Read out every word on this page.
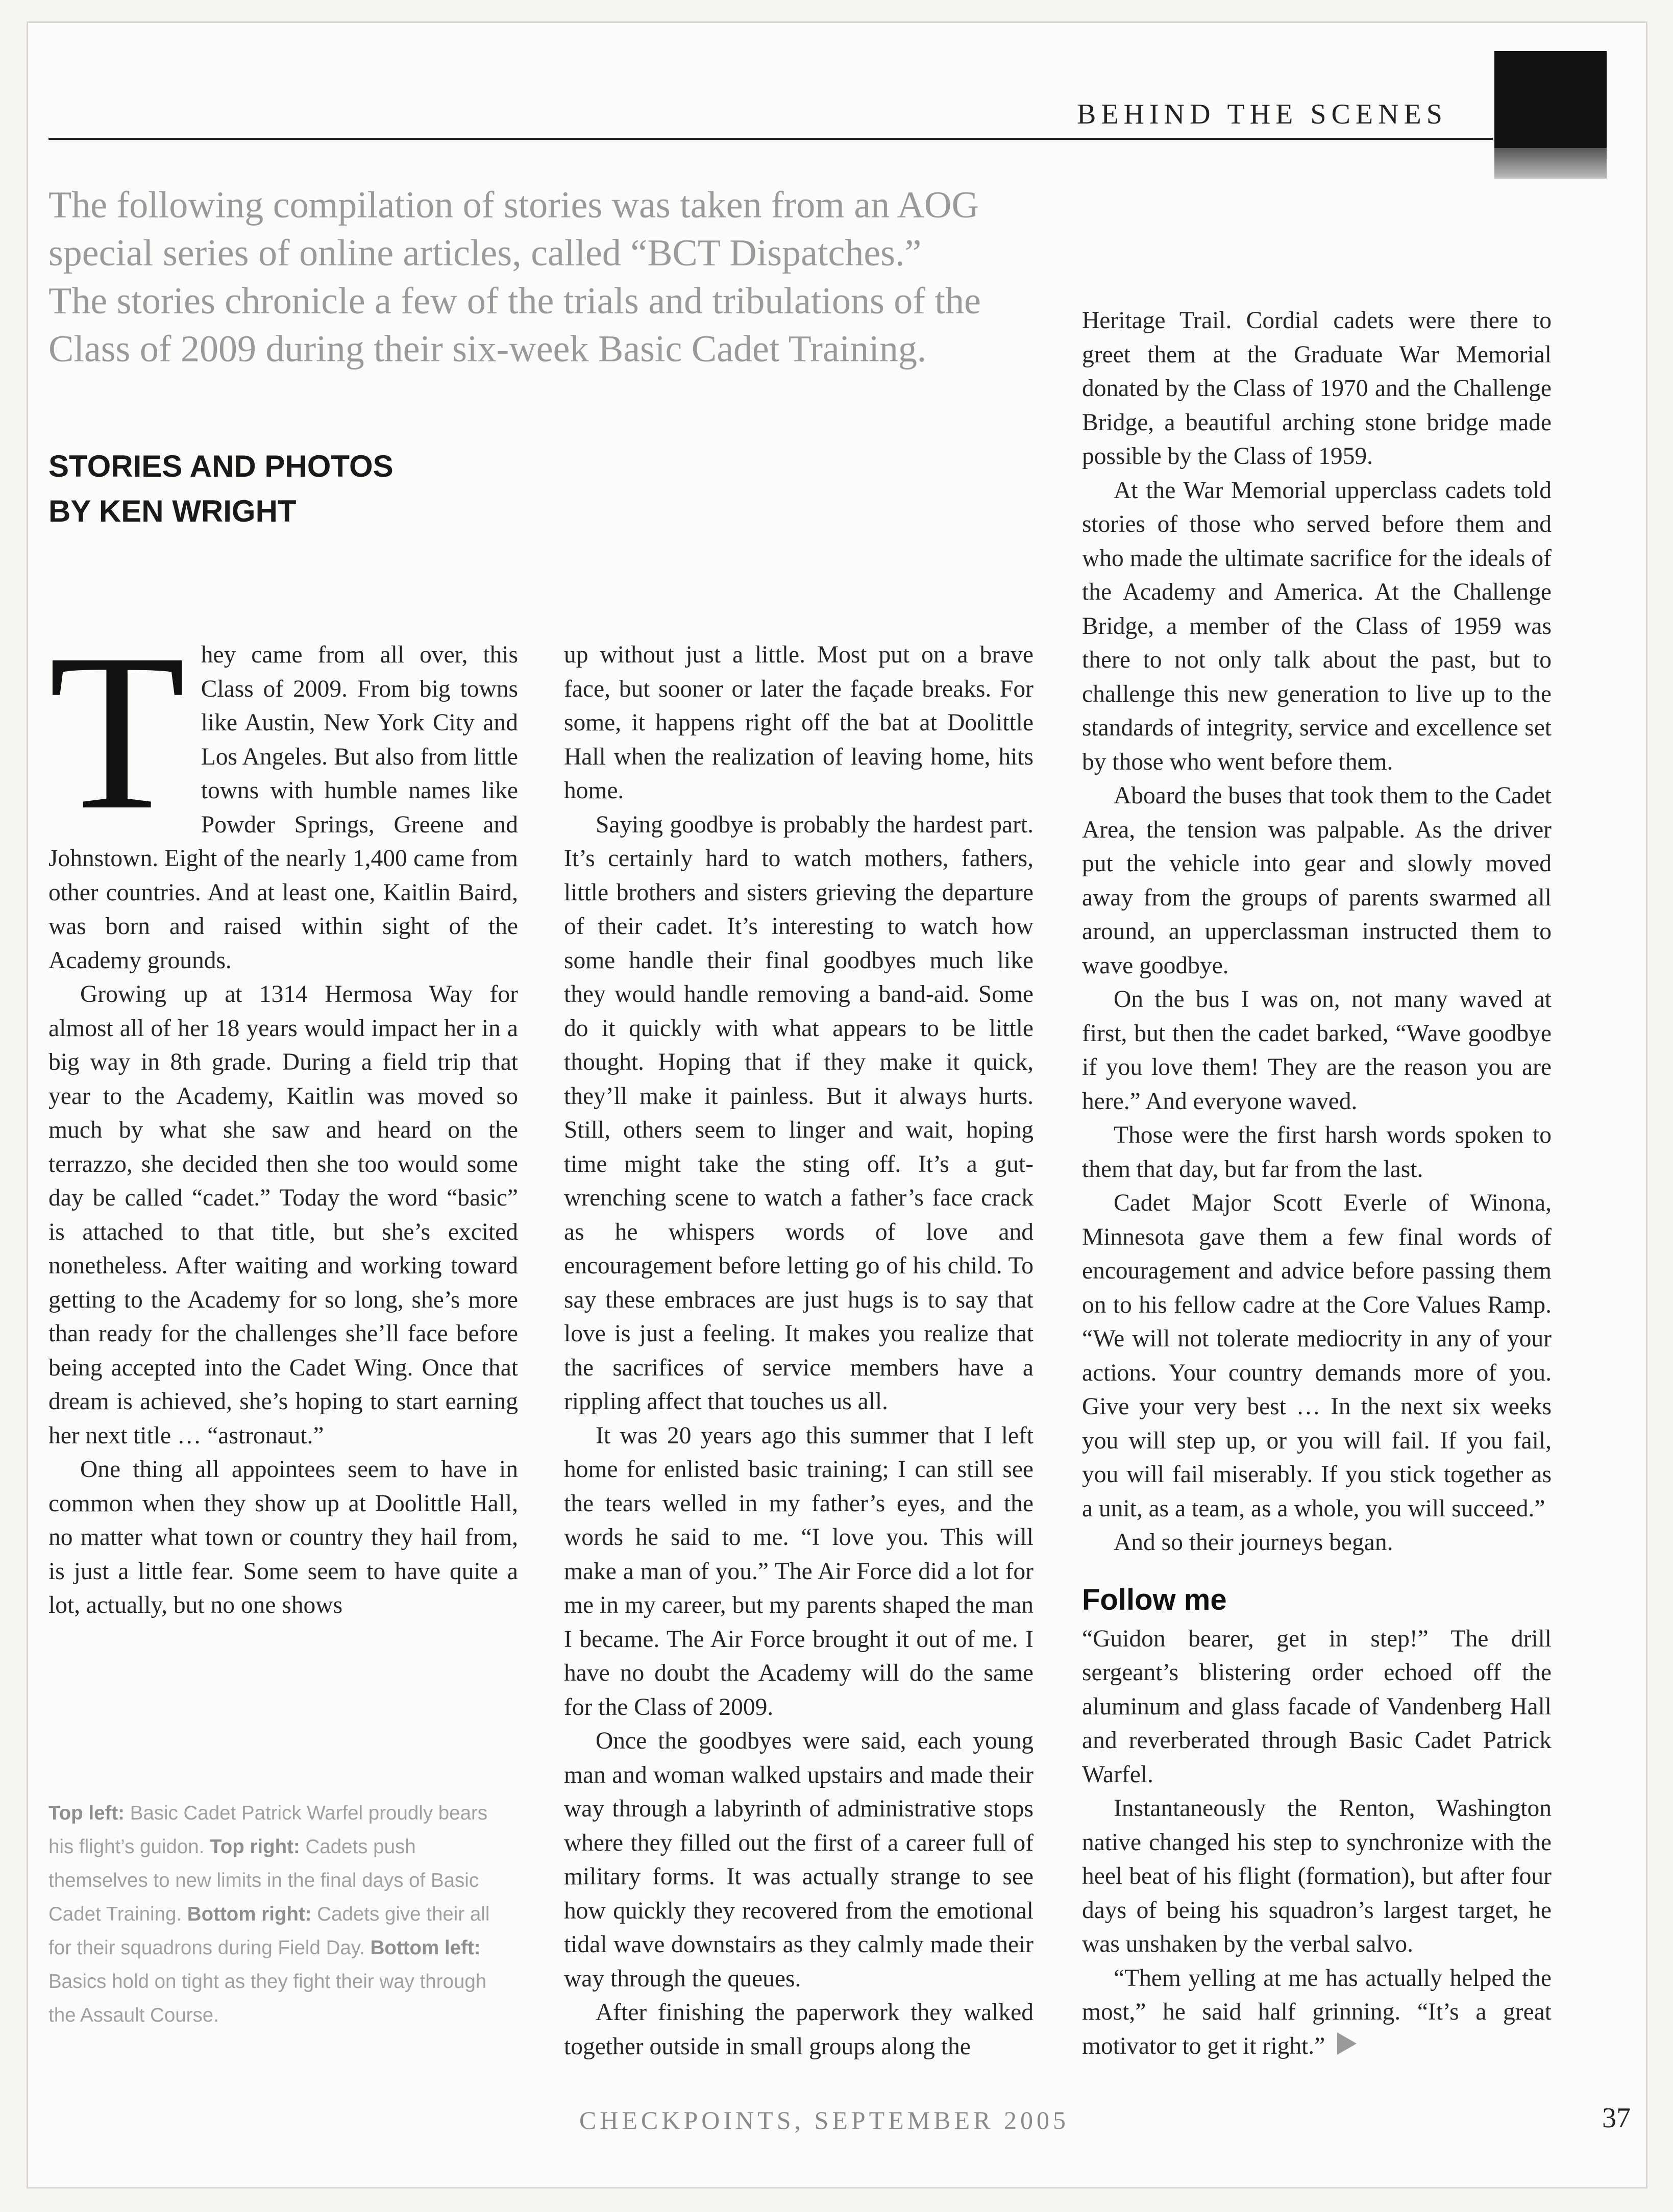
BEHIND THE SCENES

The following compilation of stories was taken from an AOG special series of online articles, called “BCT Dispatches.” The stories chronicle a few of the trials and tribulations of the Class of 2009 during their six-week Basic Cadet Training.

STORIES AND PHOTOS
BY KEN WRIGHT
T hey came from all over, this Class of 2009. From big towns like Austin, New York City and Los Angeles. But also from little towns with humble names like Powder Springs, Greene and Johnstown. Eight of the nearly 1,400 came from other countries. And at least one, Kaitlin Baird, was born and raised within sight of the Academy grounds.

Growing up at 1314 Hermosa Way for almost all of her 18 years would impact her in a big way in 8th grade. During a field trip that year to the Academy, Kaitlin was moved so much by what she saw and heard on the terrazzo, she decided then she too would some day be called “cadet.” Today the word “basic” is attached to that title, but she’s excited nonetheless. After waiting and working toward getting to the Academy for so long, she’s more than ready for the challenges she’ll face before being accepted into the Cadet Wing. Once that dream is achieved, she’s hoping to start earning her next title … “astronaut.”

One thing all appointees seem to have in common when they show up at Doolittle Hall, no matter what town or country they hail from, is just a little fear. Some seem to have quite a lot, actually, but no one shows

up without just a little. Most put on a brave face, but sooner or later the façade breaks. For some, it happens right off the bat at Doolittle Hall when the realization of leaving home, hits home.

Saying goodbye is probably the hardest part. It’s certainly hard to watch mothers, fathers, little brothers and sisters grieving the departure of their cadet. It’s interesting to watch how some handle their final goodbyes much like they would handle removing a band-aid. Some do it quickly with what appears to be little thought. Hoping that if they make it quick, they’ll make it painless. But it always hurts. Still, others seem to linger and wait, hoping time might take the sting off. It’s a gut-wrenching scene to watch a father’s face crack as he whispers words of love and encouragement before letting go of his child. To say these embraces are just hugs is to say that love is just a feeling. It makes you realize that the sacrifices of service members have a rippling affect that touches us all.

It was 20 years ago this summer that I left home for enlisted basic training; I can still see the tears welled in my father’s eyes, and the words he said to me. “I love you. This will make a man of you.” The Air Force did a lot for me in my career, but my parents shaped the man I became. The Air Force brought it out of me. I have no doubt the Academy will do the same for the Class of 2009.

Once the goodbyes were said, each young man and woman walked upstairs and made their way through a labyrinth of administrative stops where they filled out the first of a career full of military forms. It was actually strange to see how quickly they recovered from the emotional tidal wave downstairs as they calmly made their way through the queues.

After finishing the paperwork they walked together outside in small groups along the

Heritage Trail. Cordial cadets were there to greet them at the Graduate War Memorial donated by the Class of 1970 and the Challenge Bridge, a beautiful arching stone bridge made possible by the Class of 1959.

At the War Memorial upperclass cadets told stories of those who served before them and who made the ultimate sacrifice for the ideals of the Academy and America. At the Challenge Bridge, a member of the Class of 1959 was there to not only talk about the past, but to challenge this new generation to live up to the standards of integrity, service and excellence set by those who went before them.

Aboard the buses that took them to the Cadet Area, the tension was palpable. As the driver put the vehicle into gear and slowly moved away from the groups of parents swarmed all around, an upperclassman instructed them to wave goodbye.

On the bus I was on, not many waved at first, but then the cadet barked, “Wave goodbye if you love them! They are the reason you are here.” And everyone waved.

Those were the first harsh words spoken to them that day, but far from the last.

Cadet Major Scott Everle of Winona, Minnesota gave them a few final words of encouragement and advice before passing them on to his fellow cadre at the Core Values Ramp. “We will not tolerate mediocrity in any of your actions. Your country demands more of you. Give your very best … In the next six weeks you will step up, or you will fail. If you fail, you will fail miserably. If you stick together as a unit, as a team, as a whole, you will succeed.”

And so their journeys began.

Follow me

“Guidon bearer, get in step!” The drill sergeant’s blistering order echoed off the aluminum and glass facade of Vandenberg Hall and reverberated through Basic Cadet Patrick Warfel.

Instantaneously the Renton, Washington native changed his step to synchronize with the heel beat of his flight (formation), but after four days of being his squadron’s largest target, he was unshaken by the verbal salvo.

“Them yelling at me has actually helped the most,” he said half grinning. “It’s a great motivator to get it right.”

Top left: Basic Cadet Patrick Warfel proudly bears his flight’s guidon. Top right: Cadets push themselves to new limits in the final days of Basic Cadet Training. Bottom right: Cadets give their all for their squadrons during Field Day. Bottom left: Basics hold on tight as they fight their way through the Assault Course.

CHECKPOINTS, SEPTEMBER 2005	37
